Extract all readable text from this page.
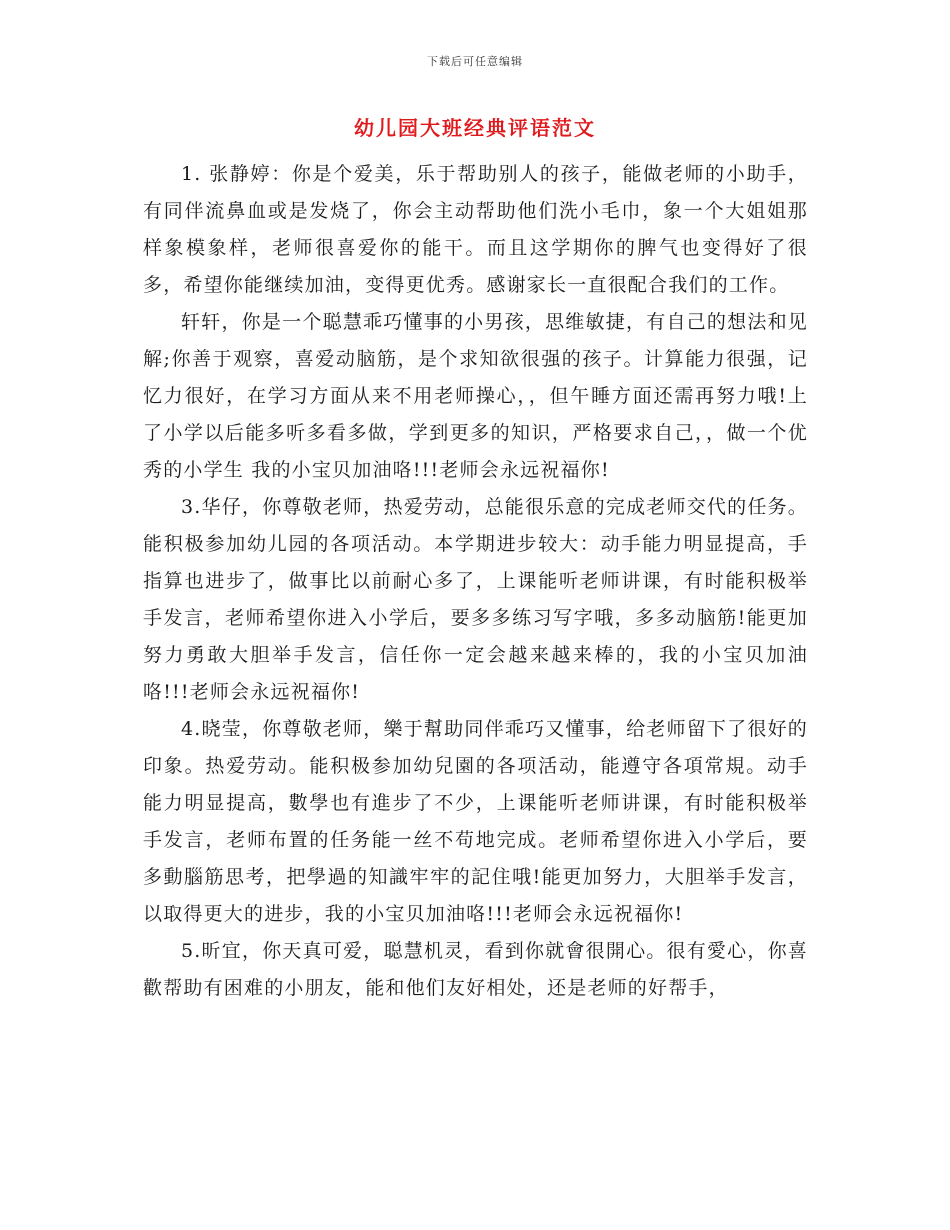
下载后可任意编辑
幼儿园大班经典评语范文

1. 张静婷：你是个爱美，乐于帮助别人的孩子，能做老师的小助手，有同伴流鼻血或是发烧了，你会主动帮助他们洗小毛巾，象一个大姐姐那样象模象样，老师很喜爱你的能干。而且这学期你的脾气也变得好了很多，希望你能继续加油，变得更优秀。感谢家长一直很配合我们的工作。

轩轩，你是一个聪慧乖巧懂事的小男孩，思维敏捷，有自己的想法和见解;你善于观察，喜爱动脑筋，是个求知欲很强的孩子。计算能力很强，记忆力很好，在学习方面从来不用老师操心，，但午睡方面还需再努力哦!上了小学以后能多听多看多做，学到更多的知识，严格要求自己，，做一个优秀的小学生 我的小宝贝加油咯!!!老师会永远祝福你!

3.华仔，你尊敬老师，热爱劳动，总能很乐意的完成老师交代的任务。能积极参加幼儿园的各项活动。本学期进步较大：动手能力明显提高，手指算也进步了，做事比以前耐心多了，上课能听老师讲课，有时能积极举手发言，老师希望你进入小学后，要多多练习写字哦，多多动脑筋!能更加努力勇敢大胆举手发言，信任你一定会越来越来棒的，我的小宝贝加油咯!!!老师会永远祝福你!

4.晓莹，你尊敬老师，樂于幫助同伴乖巧又懂事，给老师留下了很好的印象。热爱劳动。能积极参加幼兒園的各项活动，能遵守各項常規。动手能力明显提高，數學也有進步了不少，上课能听老师讲课，有时能积极举手发言，老师布置的任务能一丝不苟地完成。老师希望你进入小学后，要多動腦筋思考，把學過的知識牢牢的記住哦!能更加努力，大胆举手发言，以取得更大的进步，我的小宝贝加油咯!!!老师会永远祝福你!

5.昕宜，你天真可爱，聪慧机灵，看到你就會很開心。很有愛心，你喜歡帮助有困难的小朋友，能和他们友好相处，还是老师的好帮手，
